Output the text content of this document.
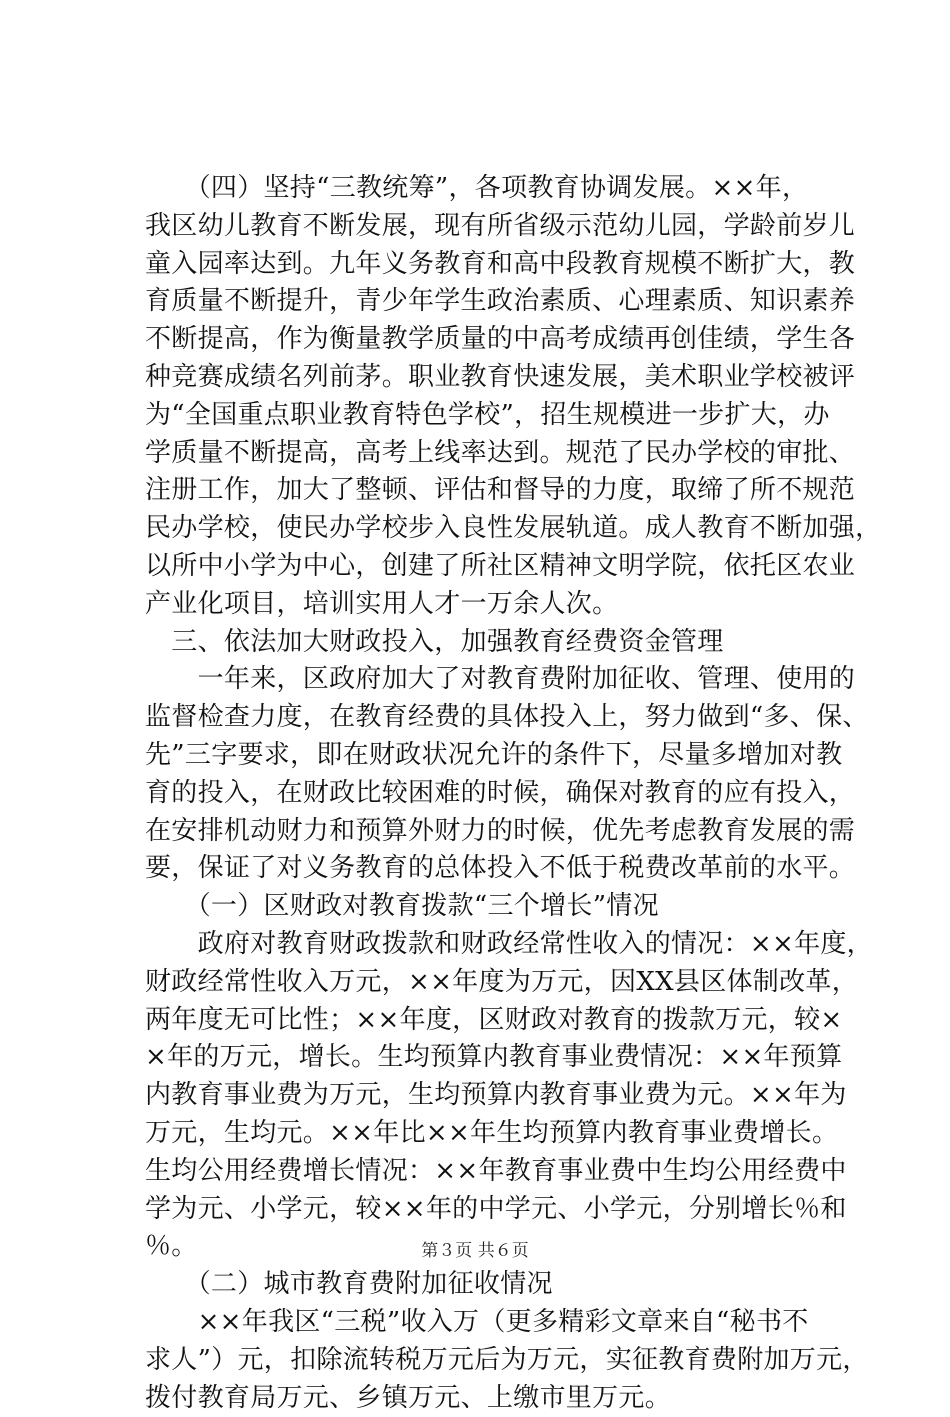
　　（四）坚持“三教统筹”，各项教育协调发展。××年，
我区幼儿教育不断发展，现有所省级示范幼儿园，学龄前岁儿
童入园率达到。九年义务教育和高中段教育规模不断扩大，教
育质量不断提升，青少年学生政治素质、心理素质、知识素养
不断提高，作为衡量教学质量的中高考成绩再创佳绩，学生各
种竞赛成绩名列前茅。职业教育快速发展，美术职业学校被评
为“全国重点职业教育特色学校”，招生规模进一步扩大，办
学质量不断提高，高考上线率达到。规范了民办学校的审批、
注册工作，加大了整顿、评估和督导的力度，取缔了所不规范
民办学校，使民办学校步入良性发展轨道。成人教育不断加强，
以所中小学为中心，创建了所社区精神文明学院，依托区农业
产业化项目，培训实用人才一万余人次。
　三、依法加大财政投入，加强教育经费资金管理
　　一年来，区政府加大了对教育费附加征收、管理、使用的
监督检查力度，在教育经费的具体投入上，努力做到“多、保、
先”三字要求，即在财政状况允许的条件下，尽量多增加对教
育的投入，在财政比较困难的时候，确保对教育的应有投入，
在安排机动财力和预算外财力的时候，优先考虑教育发展的需
要，保证了对义务教育的总体投入不低于税费改革前的水平。
　　（一）区财政对教育拨款“三个增长”情况
　　政府对教育财政拨款和财政经常性收入的情况：××年度，
财政经常性收入万元，××年度为万元，因XX县区体制改革，
两年度无可比性；××年度，区财政对教育的拨款万元，较×
×年的万元，增长。生均预算内教育事业费情况：××年预算
内教育事业费为万元，生均预算内教育事业费为元。××年为
万元，生均元。××年比××年生均预算内教育事业费增长。
生均公用经费增长情况：××年教育事业费中生均公用经费中
学为元、小学元，较××年的中学元、小学元，分别增长％和
％。
　　（二）城市教育费附加征收情况
　　××年我区“三税”收入万（更多精彩文章来自“秘书不
求人”）元，扣除流转税万元后为万元，实征教育费附加万元，
拨付教育局万元、乡镇万元、上缴市里万元。
第３页 共６页
